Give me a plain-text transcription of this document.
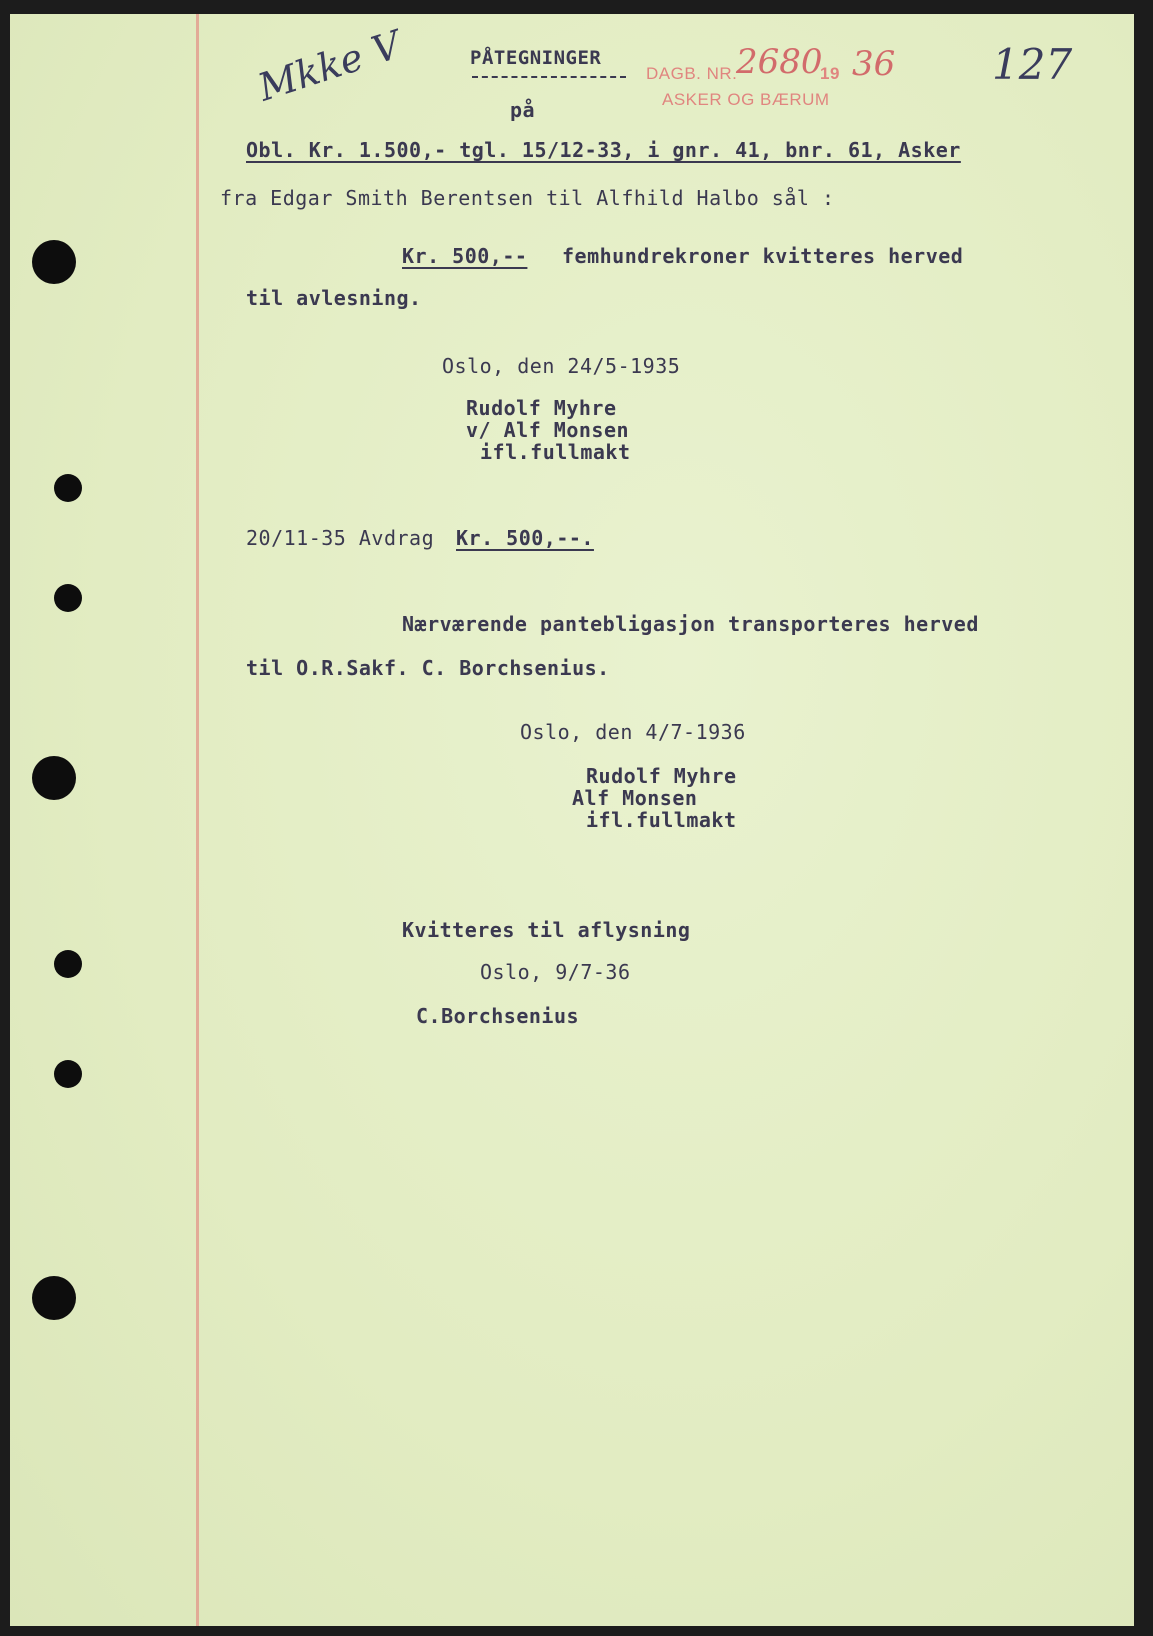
Mkke V	PÅTEGNINGER
på
DAGB. NR.
2680
19 36
ASKER OG BÆRUM
127
Obl. Kr. 1.500,- tgl. 15/12-33, i gnr. 41, bnr. 61, Asker
fra Edgar Smith Berentsen til Alfhild Halbo sål :
Kr. 500,-- femhundrekroner kvitteres herved
til avlesning.
Oslo, den 24/5-1935
Rudolf Myhre
v/ Alf Monsen
ifl.fullmakt
20/11-35 Avdrag Kr. 500,--.
Nærværende pantebligasjon transporteres herved
til O.R.Sakf. C. Borchsenius.
Oslo, den 4/7-1936
Rudolf Myhre
Alf Monsen
ifl.fullmakt
Kvitteres til aflysning
Oslo, 9/7-36
C.Borchsenius
